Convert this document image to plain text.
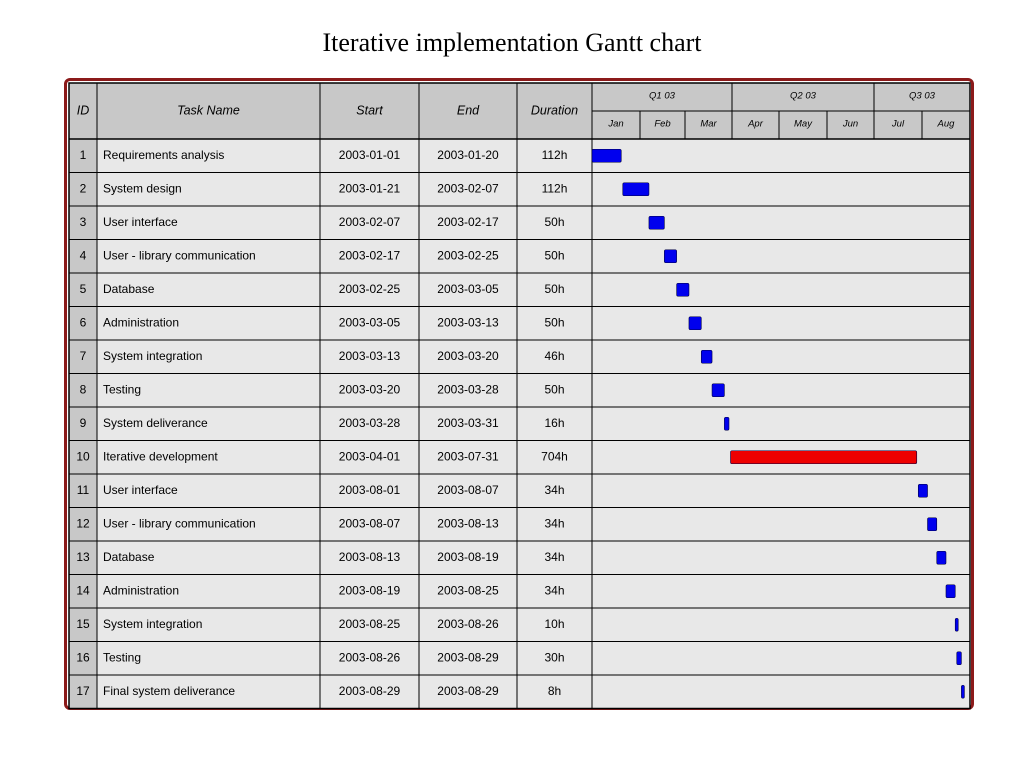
Iterative implementation Gantt chart
ID	Task Name	Start	End	Duration
Q1 03	Q2 03	Q3 03
Jan	Feb	Mar	Apr	May	Jun	Jul	Aug
1 Requirements analysis	2003-01-01	2003-01-20	112h
2 System design	2003-01-21	2003-02-07	112h
3 User interface	2003-02-07	2003-02-17	50h
4 User - library communication	2003-02-17	2003-02-25	50h
5 Database	2003-02-25	2003-03-05	50h
6 Administration	2003-03-05	2003-03-13	50h
7 System integration	2003-03-13	2003-03-20	46h
8 Testing	2003-03-20	2003-03-28	50h
9 System deliverance	2003-03-28	2003-03-31	16h
10 Iterative development	2003-04-01	2003-07-31	704h
11 User interface	2003-08-01	2003-08-07	34h
12 User - library communication	2003-08-07	2003-08-13	34h
13 Database	2003-08-13	2003-08-19	34h
14 Administration	2003-08-19	2003-08-25	34h
15 System integration	2003-08-25	2003-08-26	10h
16 Testing	2003-08-26	2003-08-29	30h
17 Final system deliverance	2003-08-29	2003-08-29	8h
